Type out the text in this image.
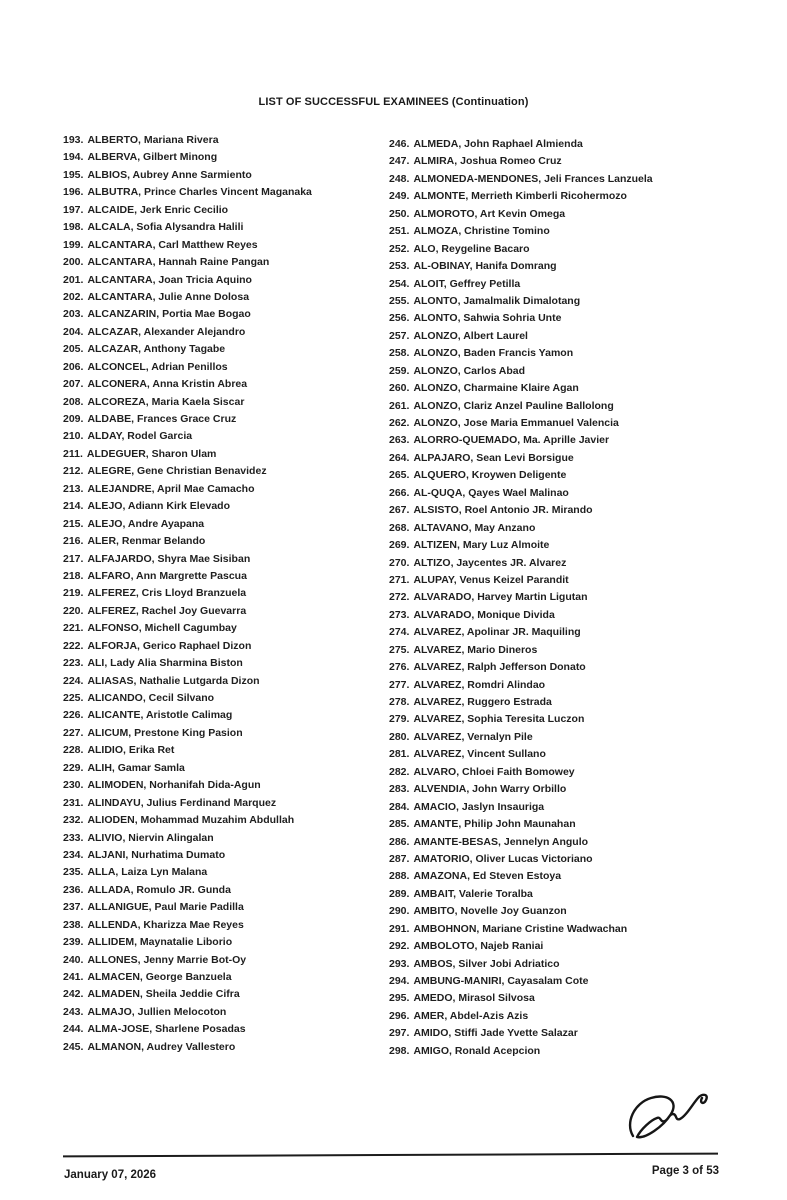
LIST OF SUCCESSFUL EXAMINEES (Continuation)
193. ALBERTO, Mariana Rivera
194. ALBERVA, Gilbert Minong
195. ALBIOS, Aubrey Anne Sarmiento
196. ALBUTRA, Prince Charles Vincent Maganaka
197. ALCAIDE, Jerk Enric Cecilio
198. ALCALA, Sofia Alysandra Halili
199. ALCANTARA, Carl Matthew Reyes
200. ALCANTARA, Hannah Raine Pangan
201. ALCANTARA, Joan Tricia Aquino
202. ALCANTARA, Julie Anne Dolosa
203. ALCANZARIN, Portia Mae Bogao
204. ALCAZAR, Alexander Alejandro
205. ALCAZAR, Anthony Tagabe
206. ALCONCEL, Adrian Penillos
207. ALCONERA, Anna Kristin Abrea
208. ALCOREZA, Maria Kaela Siscar
209. ALDABE, Frances Grace Cruz
210. ALDAY, Rodel Garcia
211. ALDEGUER, Sharon Ulam
212. ALEGRE, Gene Christian Benavidez
213. ALEJANDRE, April Mae Camacho
214. ALEJO, Adiann Kirk Elevado
215. ALEJO, Andre Ayapana
216. ALER, Renmar Belando
217. ALFAJARDO, Shyra Mae Sisiban
218. ALFARO, Ann Margrette Pascua
219. ALFEREZ, Cris Lloyd Branzuela
220. ALFEREZ, Rachel Joy Guevarra
221. ALFONSO, Michell Cagumbay
222. ALFORJA, Gerico Raphael Dizon
223. ALI, Lady Alia Sharmina Biston
224. ALIASAS, Nathalie Lutgarda Dizon
225. ALICANDO, Cecil Silvano
226. ALICANTE, Aristotle Calimag
227. ALICUM, Prestone King Pasion
228. ALIDIO, Erika Ret
229. ALIH, Gamar Samla
230. ALIMODEN, Norhanifah Dida-Agun
231. ALINDAYU, Julius Ferdinand Marquez
232. ALIODEN, Mohammad Muzahim Abdullah
233. ALIVIO, Niervin Alingalan
234. ALJANI, Nurhatima Dumato
235. ALLA, Laiza Lyn Malana
236. ALLADA, Romulo JR. Gunda
237. ALLANIGUE, Paul Marie Padilla
238. ALLENDA, Kharizza Mae Reyes
239. ALLIDEM, Maynatalie Liborio
240. ALLONES, Jenny Marrie Bot-Oy
241. ALMACEN, George Banzuela
242. ALMADEN, Sheila Jeddie Cifra
243. ALMAJO, Jullien Melocoton
244. ALMA-JOSE, Sharlene Posadas
245. ALMANON, Audrey Vallestero
246. ALMEDA, John Raphael Almienda
247. ALMIRA, Joshua Romeo Cruz
248. ALMONEDA-MENDONES, Jeli Frances Lanzuela
249. ALMONTE, Merrieth Kimberli Ricohermozo
250. ALMOROTO, Art Kevin Omega
251. ALMOZA, Christine Tomino
252. ALO, Reygeline Bacaro
253. AL-OBINAY, Hanifa Domrang
254. ALOIT, Geffrey Petilla
255. ALONTO, Jamalmalik Dimalotang
256. ALONTO, Sahwia Sohria Unte
257. ALONZO, Albert Laurel
258. ALONZO, Baden Francis Yamon
259. ALONZO, Carlos Abad
260. ALONZO, Charmaine Klaire Agan
261. ALONZO, Clariz Anzel Pauline Ballolong
262. ALONZO, Jose Maria Emmanuel Valencia
263. ALORRO-QUEMADO, Ma. Aprille Javier
264. ALPAJARO, Sean Levi Borsigue
265. ALQUERO, Kroywen Deligente
266. AL-QUQA, Qayes Wael Malinao
267. ALSISTO, Roel Antonio JR. Mirando
268. ALTAVANO, May Anzano
269. ALTIZEN, Mary Luz Almoite
270. ALTIZO, Jaycentes JR. Alvarez
271. ALUPAY, Venus Keizel Parandit
272. ALVARADO, Harvey Martin Ligutan
273. ALVARADO, Monique Divida
274. ALVAREZ, Apolinar JR. Maquiling
275. ALVAREZ, Mario Dineros
276. ALVAREZ, Ralph Jefferson Donato
277. ALVAREZ, Romdri Alindao
278. ALVAREZ, Ruggero Estrada
279. ALVAREZ, Sophia Teresita Luczon
280. ALVAREZ, Vernalyn Pile
281. ALVAREZ, Vincent Sullano
282. ALVARO, Chloei Faith Bomowey
283. ALVENDIA, John Warry Orbillo
284. AMACIO, Jaslyn Insauriga
285. AMANTE, Philip John Maunahan
286. AMANTE-BESAS, Jennelyn Angulo
287. AMATORIO, Oliver Lucas Victoriano
288. AMAZONA, Ed Steven Estoya
289. AMBAIT, Valerie Toralba
290. AMBITO, Novelle Joy Guanzon
291. AMBOHNON, Mariane Cristine Wadwachan
292. AMBOLOTO, Najeb Raniai
293. AMBOS, Silver Jobi Adriatico
294. AMBUNG-MANIRI, Cayasalam Cote
295. AMEDO, Mirasol Silvosa
296. AMER, Abdel-Azis Azis
297. AMIDO, Stiffi Jade Yvette Salazar
298. AMIGO, Ronald Acepcion
January 07, 2026	Page 3 of 53
